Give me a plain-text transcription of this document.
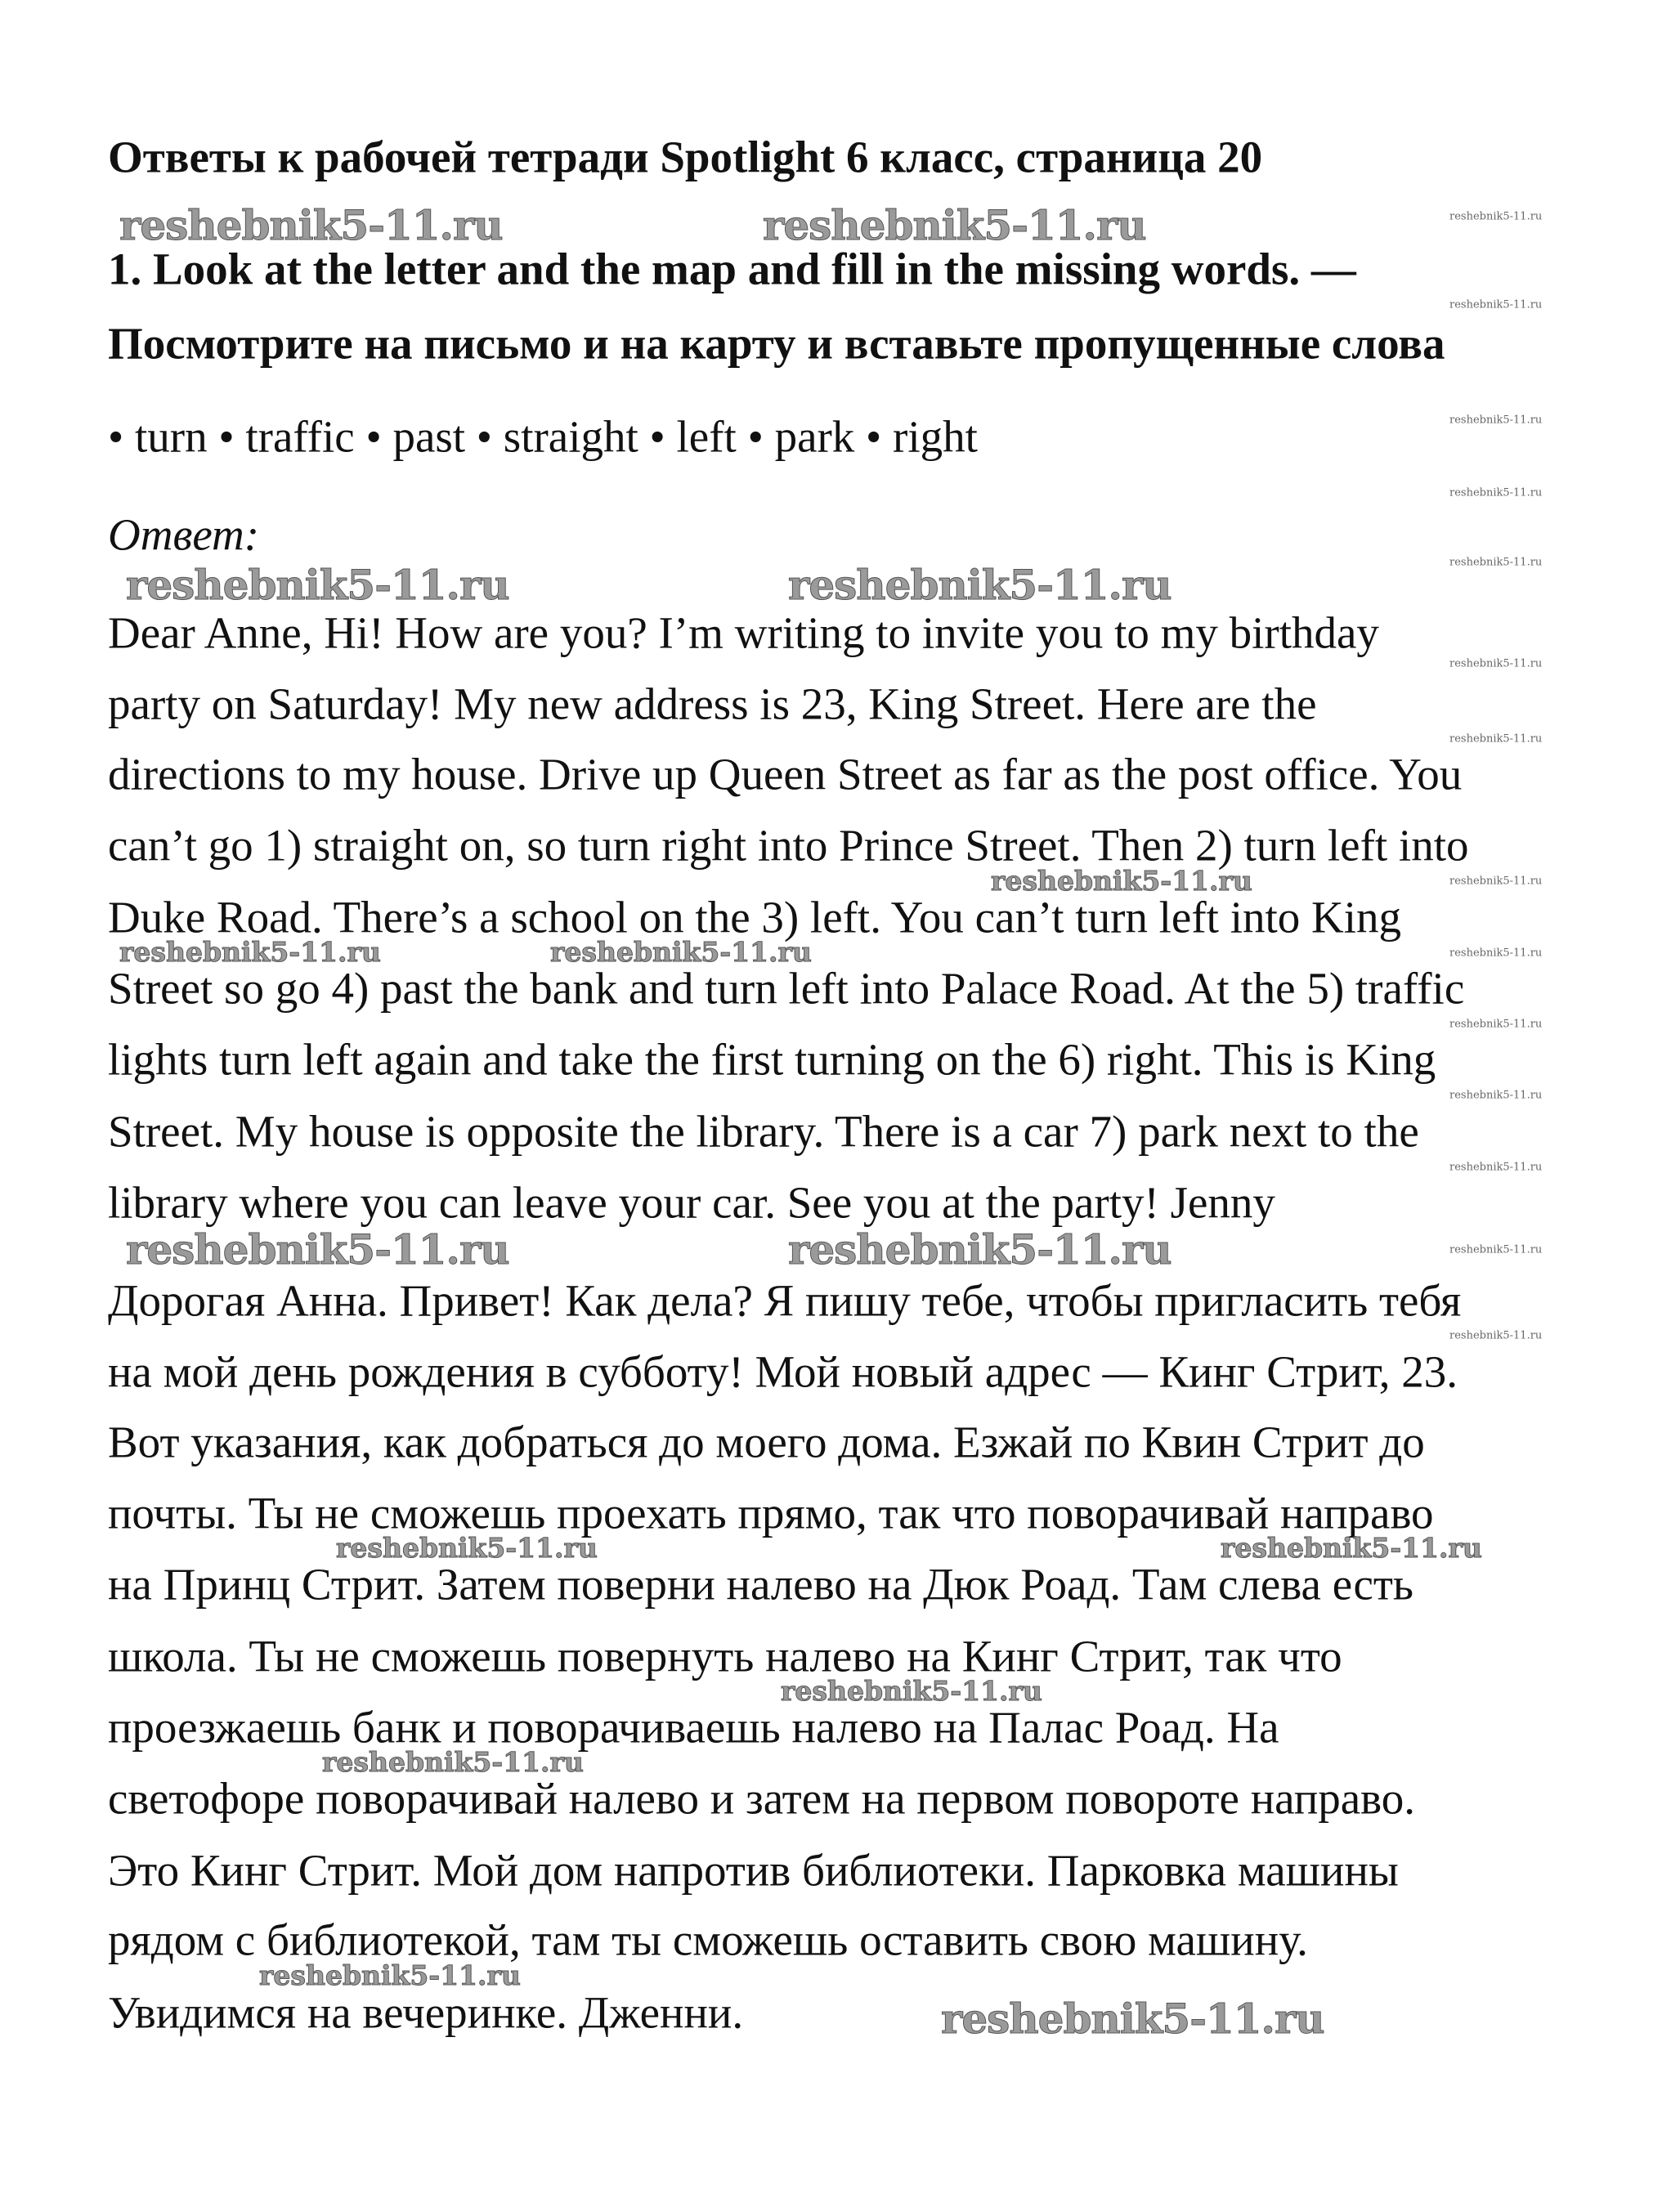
Ответы к рабочей тетради Spotlight 6 класс, страница 20
1. Look at the letter and the map and fill in the missing words. —
Посмотрите на письмо и на карту и вставьте пропущенные слова
• turn • traffic • past • straight • left • park • right
Ответ:
Dear Anne, Hi! How are you? I’m writing to invite you to my birthday
party on Saturday! My new address is 23, King Street. Here are the
directions to my house. Drive up Queen Street as far as the post office. You
can’t go 1) straight on, so turn right into Prince Street. Then 2) turn left into
Duke Road. There’s a school on the 3) left. You can’t turn left into King
Street so go 4) past the bank and turn left into Palace Road. At the 5) traffic
lights turn left again and take the first turning on the 6) right. This is King
Street. My house is opposite the library. There is a car 7) park next to the
library where you can leave your car. See you at the party! Jenny
Дорогая Анна. Привет! Как дела? Я пишу тебе, чтобы пригласить тебя
на мой день рождения в субботу! Мой новый адрес — Кинг Стрит, 23.
Вот указания, как добраться до моего дома. Езжай по Квин Стрит до
почты. Ты не сможешь проехать прямо, так что поворачивай направо
на Принц Стрит. Затем поверни налево на Дюк Роад. Там слева есть
школа. Ты не сможешь повернуть налево на Кинг Стрит, так что
проезжаешь банк и поворачиваешь налево на Палас Роад. На
светофоре поворачивай налево и затем на первом повороте направо.
Это Кинг Стрит. Мой дом напротив библиотеки. Парковка машины
рядом с библиотекой, там ты сможешь оставить свою машину.
Увидимся на вечеринке. Дженни.
reshebnik5-11.ru	reshebnik5-11.ru
reshebnik5-11.ru	reshebnik5-11.ru
reshebnik5-11.ru	reshebnik5-11.ru
reshebnik5-11.ru
reshebnik5-11.ru
reshebnik5-11.ru	reshebnik5-11.ru
reshebnik5-11.ru	reshebnik5-11.ru
reshebnik5-11.ru
reshebnik5-11.ru
reshebnik5-11.ru
reshebnik5-11.ru
reshebnik5-11.ru
reshebnik5-11.ru
reshebnik5-11.ru
reshebnik5-11.ru
reshebnik5-11.ru
reshebnik5-11.ru
reshebnik5-11.ru
reshebnik5-11.ru
reshebnik5-11.ru
reshebnik5-11.ru
reshebnik5-11.ru
reshebnik5-11.ru
reshebnik5-11.ru
